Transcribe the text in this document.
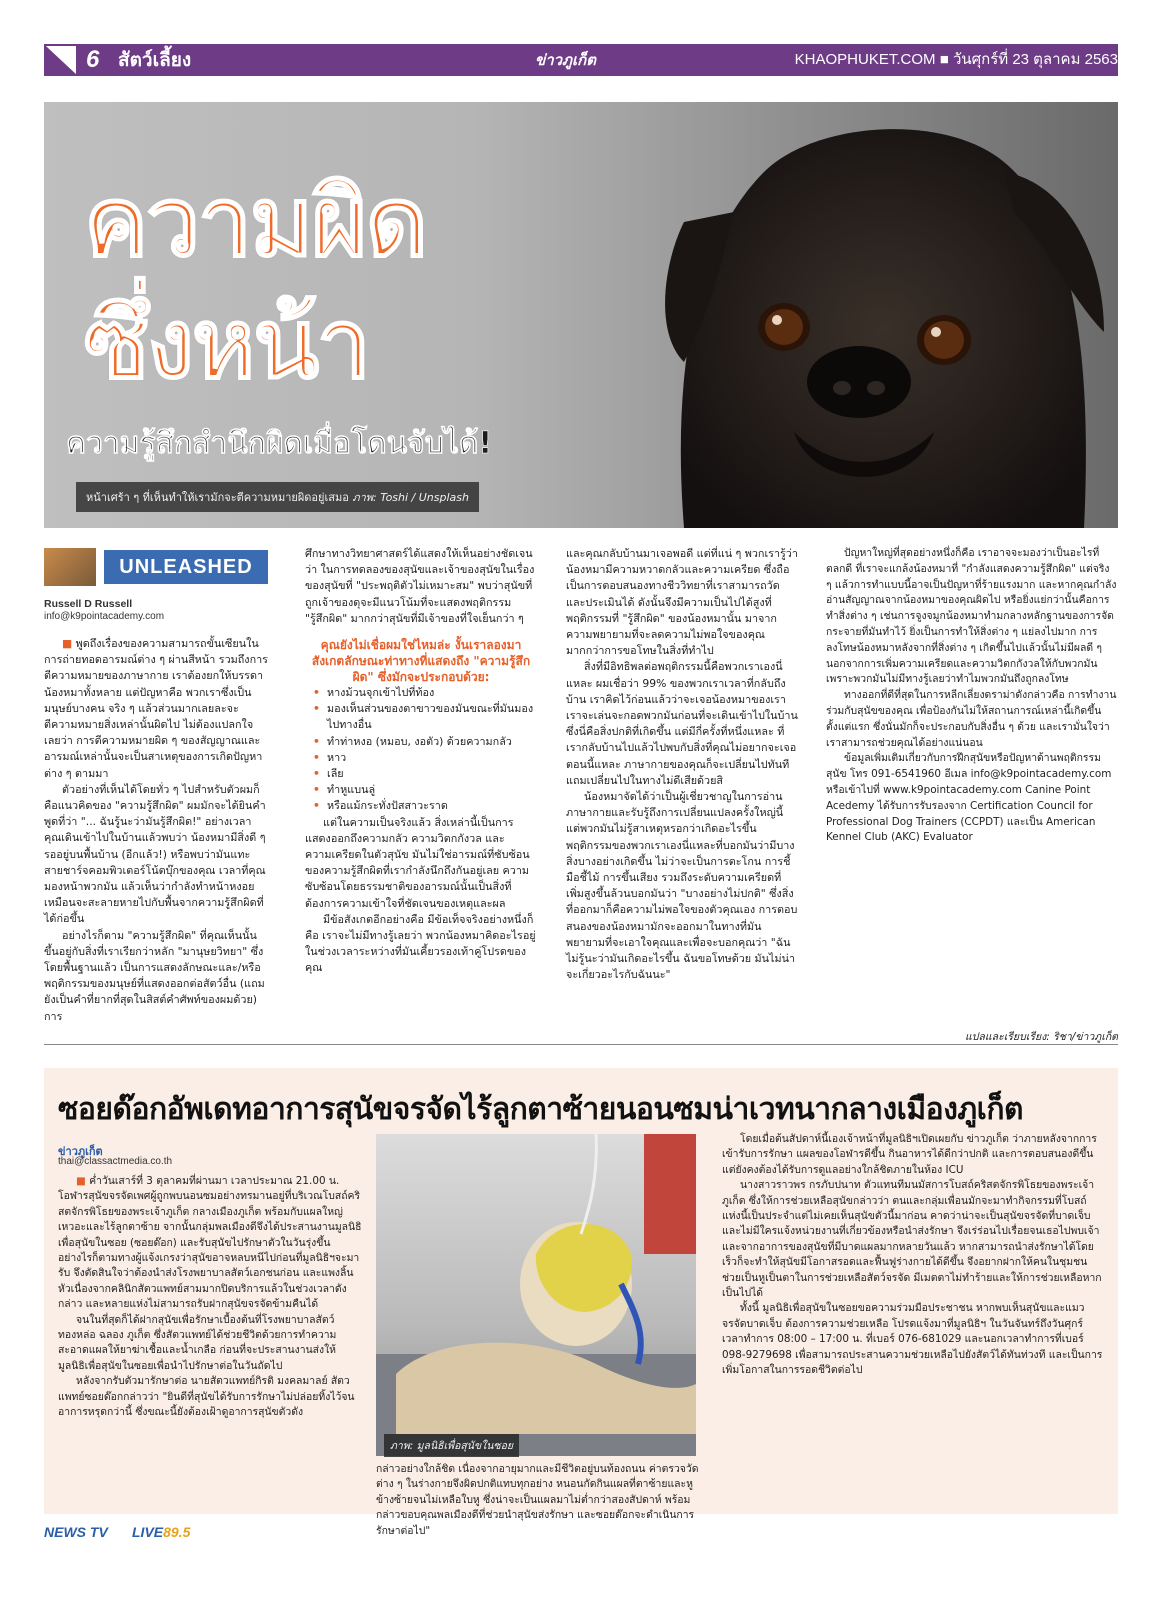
6 สัตว์เลี้ยง	ข่าวภูเก็ต	KHAOPHUKET.COM ■ วันศุกร์ที่ 23 ตุลาคม 2563
ความผิด
ซึ่งหน้า
ความรู้สึกสำนึกผิดเมื่อโดนจับได้!
หน้าเศร้า ๆ ที่เห็นทำให้เรามักจะตีความหมายผิดอยู่เสมอ ภาพ: Toshi / Unsplash
UNLEASHED
Russell D Russell
info@k9pointacademy.com

■ พูดถึงเรื่องของความสามารถขั้นเซียนในการถ่ายทอดอารมณ์ต่าง ๆ ผ่านสีหน้า รวมถึงการตีความหมายของภาษากาย เราต้องยกให้บรรดาน้องหมาทั้งหลาย แต่ปัญหาคือ พวกเราซึ่งเป็นมนุษย์บางคน จริง ๆ แล้วส่วนมากเลยละจะตีความหมายสิ่งเหล่านั้นผิดไป ไม่ต้องแปลกใจเลยว่า การตีความหมายผิด ๆ ของสัญญาณและอารมณ์เหล่านั้นจะเป็นสาเหตุของการเกิดปัญหาต่าง ๆ ตามมา

ตัวอย่างที่เห็นได้โดยทั่ว ๆ ไปสำหรับตัวผมก็คือแนวคิดของ "ความรู้สึกผิด" ผมมักจะได้ยินคำพูดที่ว่า "... ฉันรู้นะว่ามันรู้สึกผิด!" อย่างเวลาคุณเดินเข้าไปในบ้านแล้วพบว่า น้องหมามีสิ่งดี ๆ รออยู่บนพื้นบ้าน (อีกแล้ว!) หรือพบว่ามันแทะสายชาร์จคอมพิวเตอร์โน้ตบุ๊กของคุณ เวลาที่คุณมองหน้าพวกมัน แล้วเห็นว่ากำลังทำหน้าหงอยเหมือนจะสะลายหายไปกับพื้นจากความรู้สึกผิดที่ได้ก่อขึ้น

อย่างไรก็ตาม "ความรู้สึกผิด" ที่คุณเห็นนั้นขึ้นอยู่กับสิ่งที่เราเรียกว่าหลัก "มานุษยวิทยา" ซึ่งโดยพื้นฐานแล้ว เป็นการแสดงลักษณะและ/หรือพฤติกรรมของมนุษย์ที่แสดงออกต่อสัตว์อื่น (แถมยังเป็นคำที่ยากที่สุดในสิสต์คำศัพท์ของผมด้วย) การ

ศึกษาทางวิทยาศาสตร์ได้แสดงให้เห็นอย่างชัดเจนว่า ในการทดลองของสุนัขและเจ้าของสุนัขในเรื่องของสุนัขที่ "ประพฤติตัวไม่เหมาะสม" พบว่าสุนัขที่ถูกเจ้าของดุจะมีแนวโน้มที่จะแสดงพฤติกรรม "รู้สึกผิด" มากกว่าสุนัขที่มีเจ้าของที่ใจเย็นกว่า ๆ

คุณยังไม่เชื่อผมใช่ไหมล่ะ งั้นเราลองมาสังเกตลักษณะท่าทางที่แสดงถึง "ความรู้สึกผิด" ซึ่งมักจะประกอบด้วย:

• หางม้วนจุกเข้าไปที่ท้อง
• มองเห็นส่วนของตาขาวของมันขณะที่มันมองไปทางอื่น
• ทำท่าหงอ (หมอบ, งอตัว) ด้วยความกลัว
• หาว
• เลีย
• ทำหูแบนลู่
• หรือแม้กระทั่งปัสสาวะราด

แต่ในความเป็นจริงแล้ว สิ่งเหล่านี้เป็นการแสดงออกถึงความกลัว ความวิตกกังวล และความเครียดในตัวสุนัข มันไม่ใช่อารมณ์ที่ซับซ้อนของความรู้สึกผิดที่เรากำลังนึกถึงกันอยู่เลย ความซับซ้อนโดยธรรมชาติของอารมณ์นั้นเป็นสิ่งที่ต้องการความเข้าใจที่ชัดเจนของเหตุและผล

มีข้อสังเกตอีกอย่างคือ มีข้อเท็จจริงอย่างหนึ่งก็คือ เราจะไม่มีทางรู้เลยว่า พวกน้องหมาคิดอะไรอยู่ในช่วงเวลาระหว่างที่มันเคี้ยวรองเท้าคู่โปรดของคุณ

และคุณกลับบ้านมาเจอพอดี แต่ที่แน่ ๆ พวกเรารู้ว่าน้องหมามีความหวาดกลัวและความเครียด ซึ่งถือเป็นการตอบสนองทางชีววิทยาที่เราสามารถวัดและประเมินได้ ดังนั้นจึงมีความเป็นไปได้สูงที่พฤติกรรมที่ "รู้สึกผิด" ของน้องหมานั้น มาจากความพยายามที่จะลดความไม่พอใจของคุณ มากกว่าการขอโทษในสิ่งที่ทำไป

สิ่งที่มีอิทธิพลต่อพฤติกรรมนี้คือพวกเราเองนี่แหละ ผมเชื่อว่า 99% ของพวกเราเวลาที่กลับถึงบ้าน เราคิดไว้ก่อนแล้วว่าจะเจอน้องหมาของเรา เราจะเล่นจะกอดพวกมันก่อนที่จะเดินเข้าไปในบ้าน ซึ่งนี่คือสิ่งปกติที่เกิดขึ้น แต่มีกี่ครั้งที่หนึ่งแหละ ที่เรากลับบ้านไปแล้วไปพบกับสิ่งที่คุณไม่อยากจะเจอ ตอนนี้แหละ ภาษากายของคุณก็จะเปลี่ยนไปทันที แถมเปลี่ยนไปในทางไม่ดีเสียด้วยสิ

น้องหมาจัดได้ว่าเป็นผู้เชี่ยวชาญในการอ่านภาษากายและรับรู้ถึงการเปลี่ยนแปลงครั้งใหญ่นี้ แต่พวกมันไม่รู้สาเหตุหรอกว่าเกิดอะไรขึ้น พฤติกรรมของพวกเราเองนี่แหละที่บอกมันว่ามีบางสิ่งบางอย่างเกิดขึ้น ไม่ว่าจะเป็นการตะโกน การชี้มือชี้ไม้ การขึ้นเสียง รวมถึงระดับความเครียดที่เพิ่มสูงขึ้นล้วนบอกมันว่า "บางอย่างไม่ปกติ" ซึ่งสิ่งที่ออกมาก็คือความไม่พอใจของตัวคุณเอง การตอบสนองของน้องหมามักจะออกมาในทางที่มันพยายามที่จะเอาใจคุณและเพื่อจะบอกคุณว่า "ฉันไม่รู้นะว่ามันเกิดอะไรขึ้น ฉันขอโทษด้วย มันไม่น่าจะเกี่ยวอะไรกับฉันนะ"

ปัญหาใหญ่ที่สุดอย่างหนึ่งก็คือ เราอาจจะมองว่าเป็นอะไรที่ตลกดี ที่เราจะแกล้งน้องหมาที่ "กำลังแสดงความรู้สึกผิด" แต่จริง ๆ แล้วการทำแบบนี้อาจเป็นปัญหาที่ร้ายแรงมาก และหากคุณกำลังอ่านสัญญาณจากน้องหมาของคุณผิดไป หรือยิ่งแย่กว่านั้นคือการทำสิ่งต่าง ๆ เช่นการจูงจมูกน้องหมาทำมกลางหลักฐานของการจัดกระจายที่มันทำไว้ ยิ่งเป็นการทำให้สิ่งต่าง ๆ แย่ลงไปมาก การลงโทษน้องหมาหลังจากที่สิ่งต่าง ๆ เกิดขึ้นไปแล้วนั้นไม่มีผลดี ๆ นอกจากการเพิ่มความเครียดและความวิตกกังวลให้กับพวกมัน เพราะพวกมันไม่มีทางรู้เลยว่าทำไมพวกมันถึงถูกลงโทษ

ทางออกที่ดีที่สุดในการหลีกเลี่ยงดราม่าดังกล่าวคือ การทำงานร่วมกับสุนัขของคุณ เพื่อป้องกันไม่ให้สถานการณ์เหล่านี้เกิดขึ้นตั้งแต่แรก ซึ่งนั่นมักก็จะประกอบกับสิ่งอื่น ๆ ด้วย และเรามั่นใจว่าเราสามารถช่วยคุณได้อย่างแน่นอน

ข้อมูลเพิ่มเติมเกี่ยวกับการฝึกสุนัขหรือปัญหาด้านพฤติกรรมสุนัข โทร 091-6541960 อีเมล info@k9pointacademy.com หรือเข้าไปที่ www.k9pointacademy.com Canine Point Acedemy ได้รับการรับรองจาก Certification Council for Professional Dog Trainers (CCPDT) และเป็น American Kennel Club (AKC) Evaluator

แปลและเรียบเรียง: ริชา/ข่าวภูเก็ต
ซอยด๊อกอัพเดทอาการสุนัขจรจัดไร้ลูกตาซ้ายนอนซมน่าเวทนากลางเมืองภูเก็ต
ข่าวภูเก็ต
thai@classactmedia.co.th

■ ค่ำวันเสาร์ที่ 3 ตุลาคมที่ผ่านมา เวลาประมาณ 21.00 น. โอฬารสุนัขจรจัดเพศผู้ถูกพบนอนซมอย่างทรมานอยู่ที่บริเวณโบสถ์คริสตจักรพิโธยของพระเจ้าภูเก็ต กลางเมืองภูเก็ต พร้อมกับแผลใหญ่เหวอะและไร้ลูกตาซ้าย จากนั้นกลุ่มพลเมืองดีจึงได้ประสานงานมูลนิธิเพื่อสุนัขในซอย (ซอยด๊อก) และรับสุนัขไปรักษาตัวในวันรุ่งขึ้น อย่างไรก็ตามทางผู้แจ้งเกรงว่าสุนัขอาจหลบหนีไปก่อนที่มูลนิธิฯจะมารับ จึงตัดสินใจว่าต้องนำส่งโรงพยาบาลสัตว์เอกชนก่อน และแพงลิ้นหัวเนื่องจากคลินิกสัตวแพทย์สามมากปิดบริการแล้วในช่วงเวลาดังกล่าว และหลายแห่งไม่สามารถรับฝากสุนัขจรจัดข้ามคืนได้

จนในที่สุดก็ได้ฝากสุนัขเพื่อรักษาเบื้องต้นที่โรงพยาบาลสัตว์ทองหล่อ ฉลอง ภูเก็ต ซึ่งสัตวแพทย์ได้ช่วยชีวิตด้วยการทำความสะอาดแผลให้ยาฆ่าเชื้อและน้ำเกลือ ก่อนที่จะประสานงานส่งให้มูลนิธิเพื่อสุนัขในซอยเพื่อนำไปรักษาต่อในวันถัดไป

หลังจากรับตัวมารักษาต่อ นายสัตวแพทย์กิรติ มงคลมาลย์ สัตวแพทย์ซอยด๊อกกล่าวว่า "ยินดีที่สุนัขได้รับการรักษาไม่ปล่อยทิ้งไว้จนอาการหรุดกว่านี้ ซึ่งขณะนี้ยังต้องเฝ้าดูอาการสุนัขตัวดัง

ภาพ: มูลนิธิเพื่อสุนัขในซอย

กล่าวอย่างใกล้ชิด เนื่องจากอายุมากและมีชีวิตอยู่บนท้องถนน ค่าตรวจวัดต่าง ๆ ในร่างกายจึงผิดปกติแทบทุกอย่าง หนอนกัดกินแผลที่ตาซ้ายและหูข้างซ้ายจนไม่เหลือใบหู ซึ่งน่าจะเป็นแผลมาไม่ต่ำกว่าสองสัปดาห์ พร้อมกล่าวขอบคุณพลเมืองดีที่ช่วยนำสุนัขส่งรักษา และซอยด๊อกจะดำเนินการรักษาต่อไป"

โดยเมื่อต้นสัปดาห์นี้เองเจ้าหน้าที่มูลนิธิฯเปิดเผยกับ ข่าวภูเก็ต ว่าภายหลังจากการเข้ารับการรักษา แผลของโอฬารดีขึ้น กินอาหารได้ดีกว่าปกติ และการตอบสนองดีขึ้น แต่ยังคงต้องได้รับการดูแลอย่างใกล้ชิดภายในห้อง ICU

นางสาวราวพร กรภับปนาท ตัวแทนทีมนมัสการโบสถ์คริสตจักรพิโธยของพระเจ้า ภูเก็ต ซึ่งให้การช่วยเหลือสุนัขกล่าวว่า ตนและกลุ่มเพื่อนมักจะมาทำกิจกรรมที่โบสถ์แห่งนี้เป็นประจำแต่ไม่เคยเห็นสุนัขตัวนี้มาก่อน คาดว่าน่าจะเป็นสุนัขจรจัดที่บาดเจ็บและไม่มีใครแจ้งหน่วยงานที่เกี่ยวข้องหรือนำส่งรักษา จึงเร่ร่อนไปเรื่อยจนเธอไปพบเจ้า และจากอาการของสุนัขที่มีบาดแผลมากหลายวันแล้ว หากสามารถนำส่งรักษาได้โดยเร็วก็จะทำให้สุนัขมีโอกาสรอดและฟื้นฟูร่างกายได้ดีขึ้น จึงอยากฝากให้คนในชุมชนช่วยเป็นหูเป็นตาในการช่วยเหลือสัตว์จรจัด มีเมตตาไม่ทำร้ายและให้การช่วยเหลือหากเป็นไปได้

ทั้งนี้ มูลนิธิเพื่อสุนัขในซอยขอความร่วมมือประชาชน หากพบเห็นสุนัขและแมวจรจัดบาดเจ็บ ต้องการความช่วยเหลือ โปรดแจ้งมาที่มูลนิธิฯ ในวันจันทร์ถึงวันศุกร์ เวลาทำการ 08:00 – 17:00 น. ที่เบอร์ 076-681029 และนอกเวลาทำการที่เบอร์ 098-9279698 เพื่อสามารถประสานความช่วยเหลือไปยังสัตว์ได้ทันท่วงที และเป็นการเพิ่มโอกาสในการรอดชีวิตต่อไป

NEWS TV LIVE89.5
